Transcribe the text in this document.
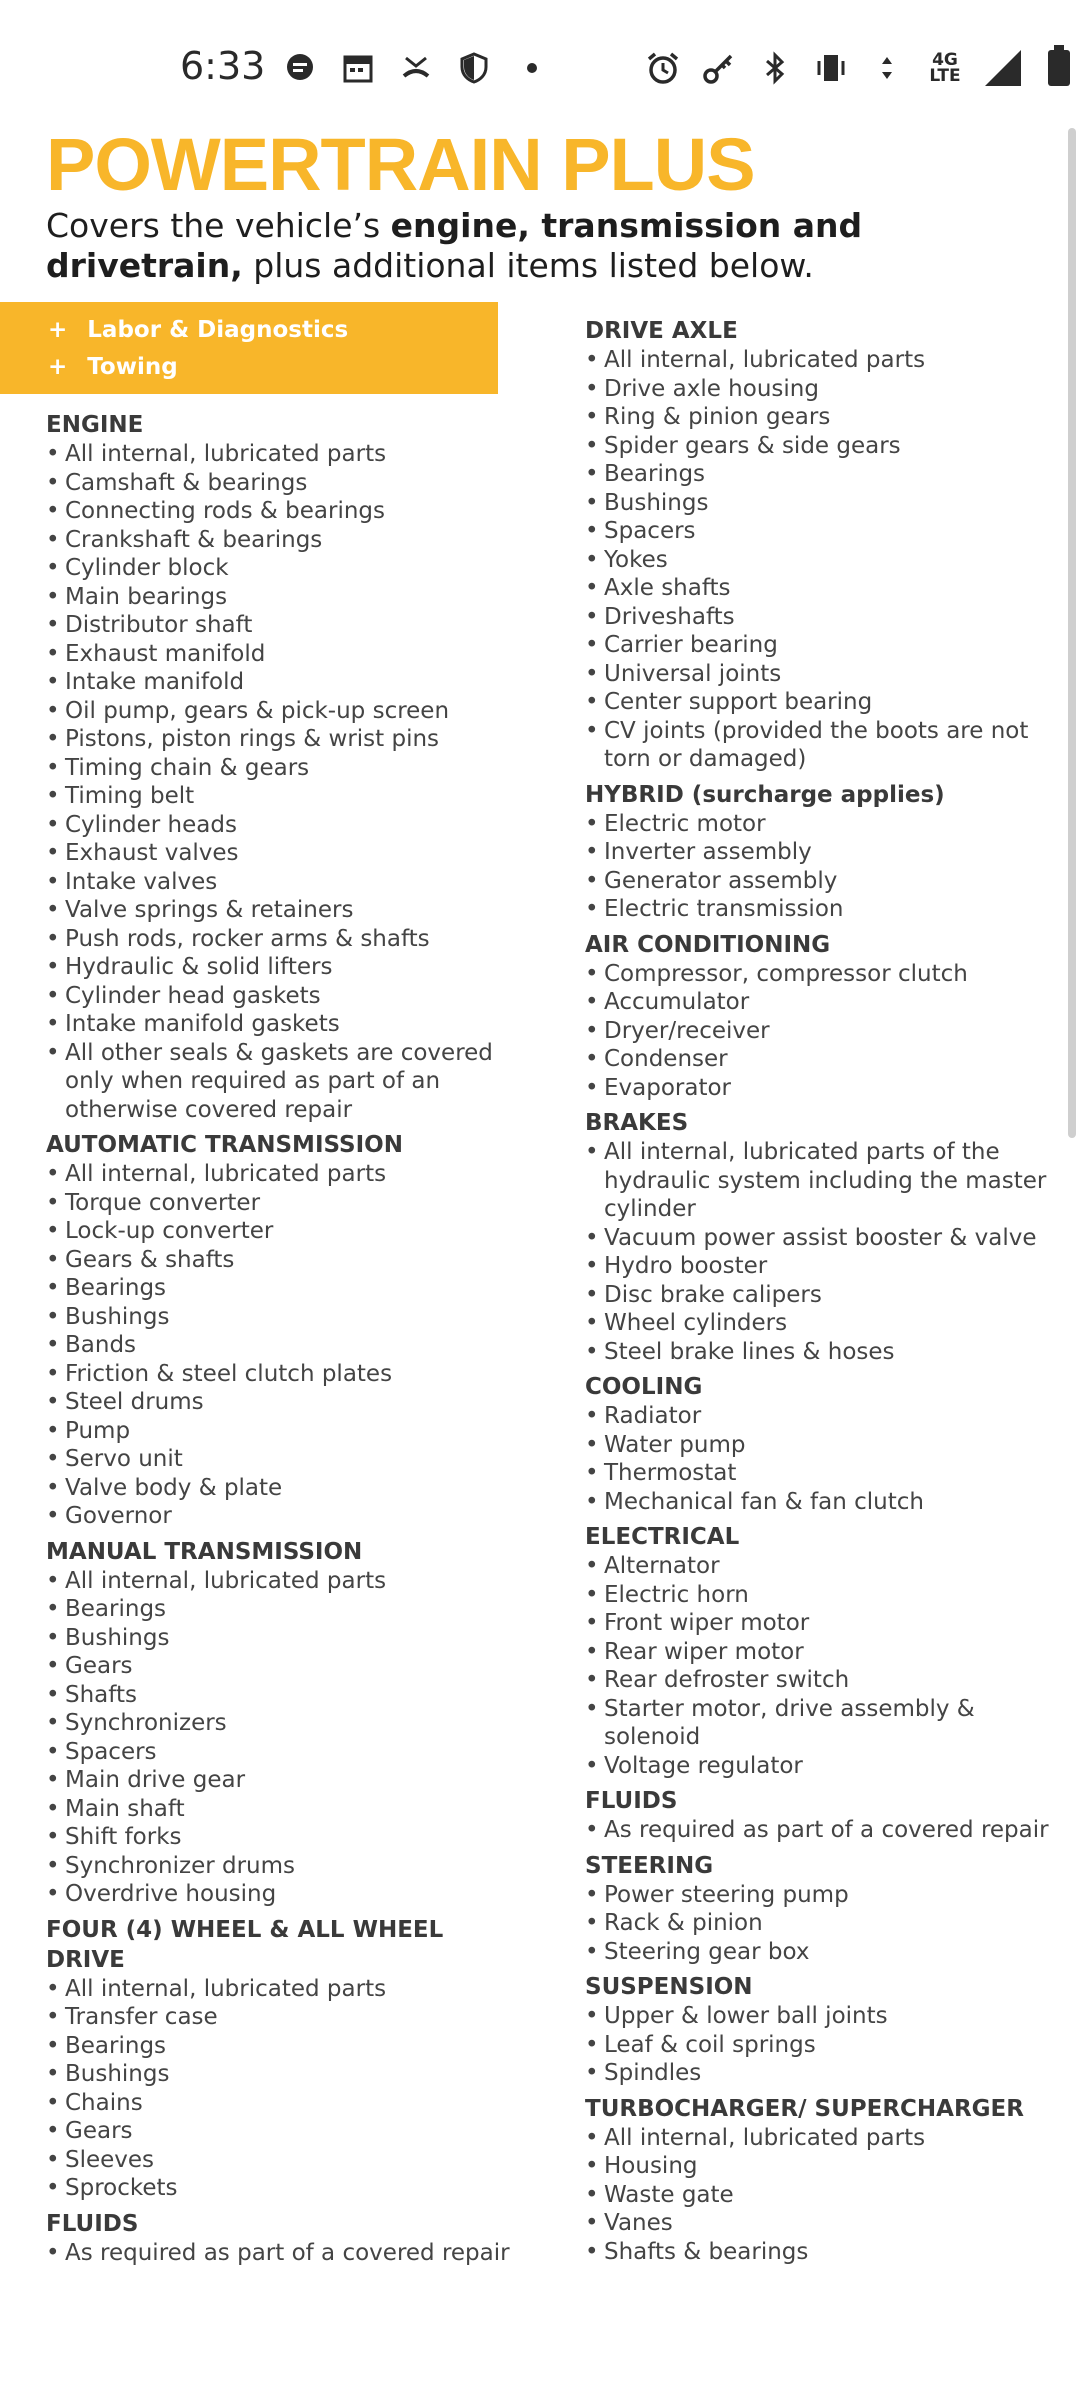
6:33	4G LTE
POWERTRAIN PLUS

Covers the vehicle’s engine, transmission and drivetrain, plus additional items listed below.

+ Labor & Diagnostics
+ Towing
ENGINE
• All internal, lubricated parts
• Camshaft & bearings
• Connecting rods & bearings
• Crankshaft & bearings
• Cylinder block
• Main bearings
• Distributor shaft
• Exhaust manifold
• Intake manifold
• Oil pump, gears & pick-up screen
• Pistons, piston rings & wrist pins
• Timing chain & gears
• Timing belt
• Cylinder heads
• Exhaust valves
• Intake valves
• Valve springs & retainers
• Push rods, rocker arms & shafts
• Hydraulic & solid lifters
• Cylinder head gaskets
• Intake manifold gaskets
• All other seals & gaskets are covered only when required as part of an otherwise covered repair
AUTOMATIC TRANSMISSION
• All internal, lubricated parts
• Torque converter
• Lock-up converter
• Gears & shafts
• Bearings
• Bushings
• Bands
• Friction & steel clutch plates
• Steel drums
• Pump
• Servo unit
• Valve body & plate
• Governor
MANUAL TRANSMISSION
• All internal, lubricated parts
• Bearings
• Bushings
• Gears
• Shafts
• Synchronizers
• Spacers
• Main drive gear
• Main shaft
• Shift forks
• Synchronizer drums
• Overdrive housing
FOUR (4) WHEEL & ALL WHEEL DRIVE
• All internal, lubricated parts
• Transfer case
• Bearings
• Bushings
• Chains
• Gears
• Sleeves
• Sprockets
FLUIDS
• As required as part of a covered repair
DRIVE AXLE
• All internal, lubricated parts
• Drive axle housing
• Ring & pinion gears
• Spider gears & side gears
• Bearings
• Bushings
• Spacers
• Yokes
• Axle shafts
• Driveshafts
• Carrier bearing
• Universal joints
• Center support bearing
• CV joints (provided the boots are not torn or damaged)
HYBRID (surcharge applies)
• Electric motor
• Inverter assembly
• Generator assembly
• Electric transmission
AIR CONDITIONING
• Compressor, compressor clutch
• Accumulator
• Dryer/receiver
• Condenser
• Evaporator
BRAKES
• All internal, lubricated parts of the hydraulic system including the master cylinder
• Vacuum power assist booster & valve
• Hydro booster
• Disc brake calipers
• Wheel cylinders
• Steel brake lines & hoses
COOLING
• Radiator
• Water pump
• Thermostat
• Mechanical fan & fan clutch
ELECTRICAL
• Alternator
• Electric horn
• Front wiper motor
• Rear wiper motor
• Rear defroster switch
• Starter motor, drive assembly & solenoid
• Voltage regulator
FLUIDS
• As required as part of a covered repair
STEERING
• Power steering pump
• Rack & pinion
• Steering gear box
SUSPENSION
• Upper & lower ball joints
• Leaf & coil springs
• Spindles
TURBOCHARGER/ SUPERCHARGER
• All internal, lubricated parts
• Housing
• Waste gate
• Vanes
• Shafts & bearings
